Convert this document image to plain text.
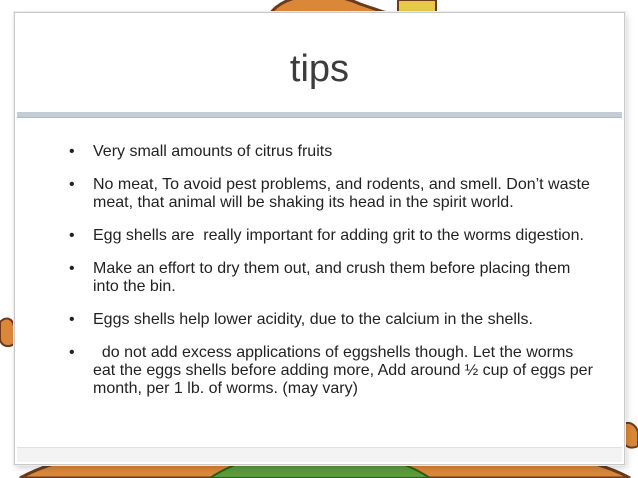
tips
• Very small amounts of citrus fruits
• No meat, To avoid pest problems, and rodents, and smell. Don’t waste meat, that animal will be shaking its head in the spirit world.
• Egg shells are  really important for adding grit to the worms digestion.
• Make an effort to dry them out, and crush them before placing them into the bin.
• Eggs shells help lower acidity, due to the calcium in the shells.
• do not add excess applications of eggshells though. Let the worms eat the eggs shells before adding more, Add around ½ cup of eggs per month, per 1 lb. of worms. (may vary)
